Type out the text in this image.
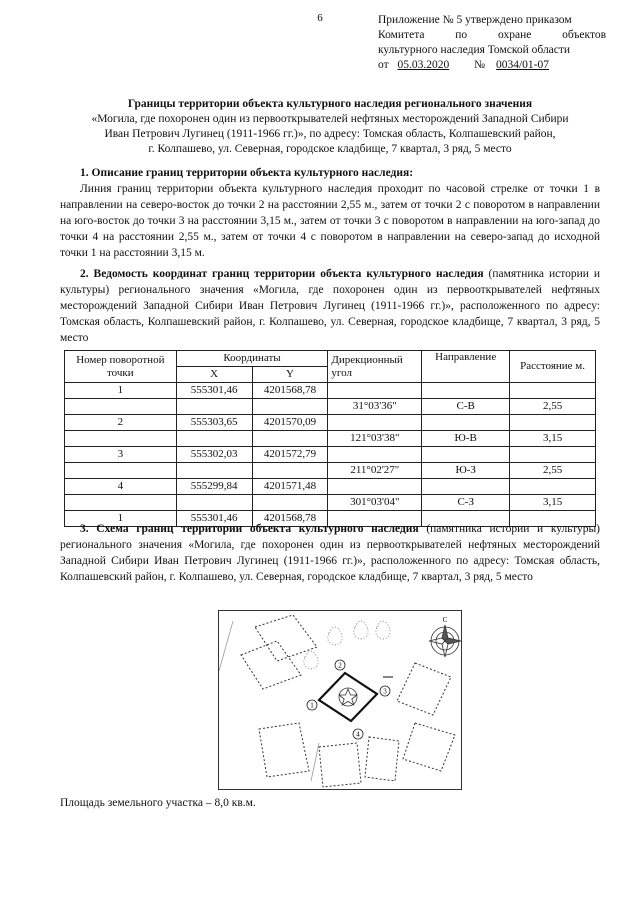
6	Приложение № 5 утверждено приказом
Комитета по охране объектов
культурного наследия Томской области
от 05.03.2020 № 0034/01-07
Границы территории объекта культурного наследия регионального значения
«Могила, где похоронен один из первооткрывателей нефтяных месторождений Западной Сибири
Иван Петрович Лугинец (1911-1966 гг.)», по адресу: Томская область, Колпашевский район,
г. Колпашево, ул. Северная, городское кладбище, 7 квартал, 3 ряд, 5 место
1. Описание границ территории объекта культурного наследия:
Линия границ территории объекта культурного наследия проходит по часовой стрелке от точки 1 в направлении на северо-восток до точки 2 на расстоянии 2,55 м., затем от точки 2 с поворотом в направлении на юго-восток до точки 3 на расстоянии 3,15 м., затем от точки 3 с поворотом в направлении на юго-запад до точки 4 на расстоянии 2,55 м., затем от точки 4 с поворотом в направлении на северо-запад до исходной точки 1 на расстоянии 3,15 м.
2. Ведомость координат границ территории объекта культурного наследия (памятника истории и культуры) регионального значения «Могила, где похоронен один из первооткрывателей нефтяных месторождений Западной Сибири Иван Петрович Лугинец (1911-1966 гг.)», расположенного по адресу: Томская область, Колпашевский район, г. Колпашево, ул. Северная, городское кладбище, 7 квартал, 3 ряд, 5 место
Номер поворотной точки	Координаты		Дирекционный угол	Направление	Расстояние м.
	X	Y			
1	555301,46	4201568,78			
			31°03'36"	С-В	2,55
2	555303,65	4201570,09			
			121°03'38"	Ю-В	3,15
3	555302,03	4201572,79			
			211°02'27"	Ю-З	2,55
4	555299,84	4201571,48			
			301°03'04"	С-З	3,15
1	555301,46	4201568,78			
3. Схема границ территории объекта культурного наследия (памятника истории и культуры) регионального значения «Могила, где похоронен один из первооткрывателей нефтяных месторождений Западной Сибири Иван Петрович Лугинец (1911-1966 гг.)», расположенного по адресу: Томская область, Колпашевский район, г. Колпашево, ул. Северная, городское кладбище, 7 квартал, 3 ряд, 5 место
1
2
3
4
С
Площадь земельного участка – 8,0 кв.м.
